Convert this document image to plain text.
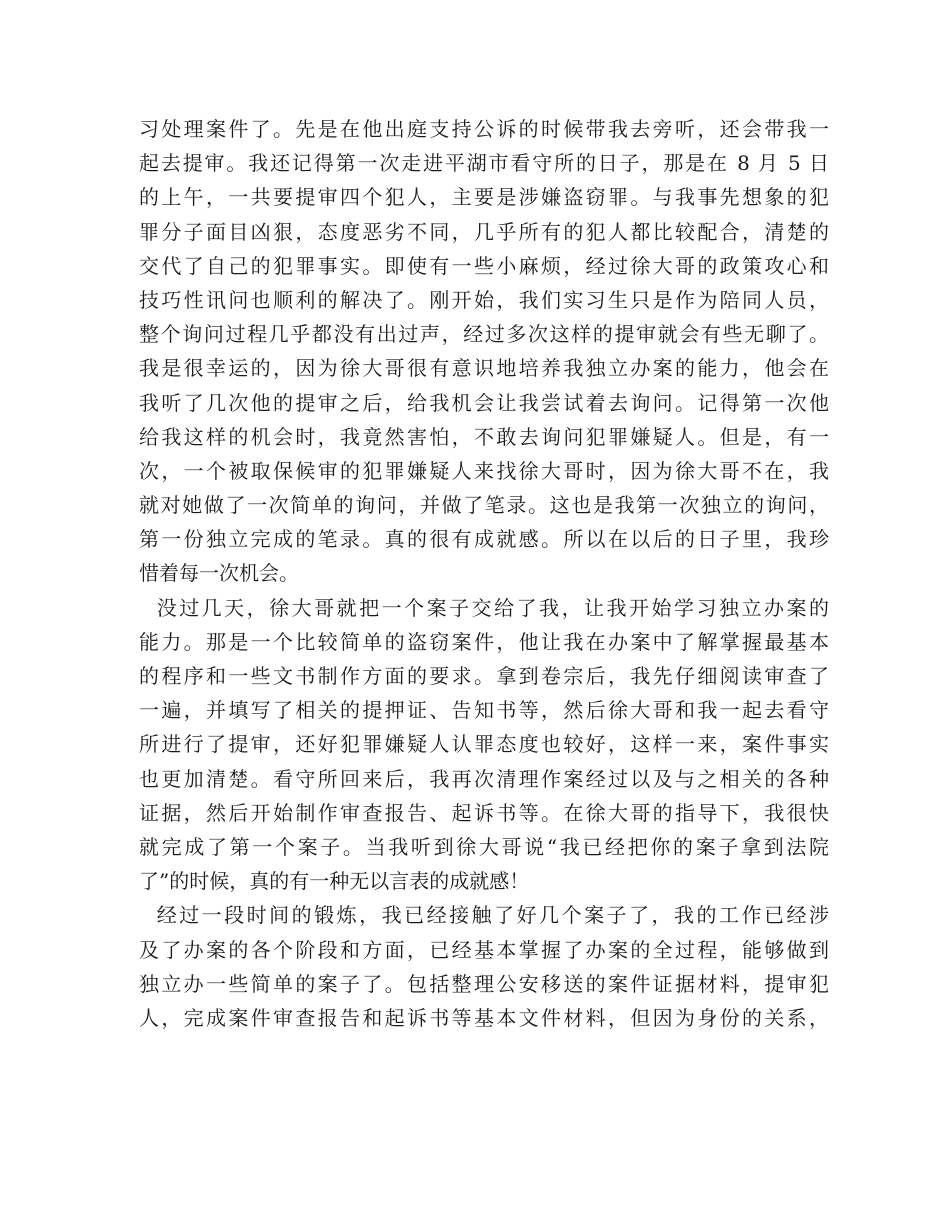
习处理案件了。先是在他出庭支持公诉的时候带我去旁听，还会带我一
起去提审。我还记得第一次走进平湖市看守所的日子，那是在 8 月 5 日
的上午，一共要提审四个犯人，主要是涉嫌盗窃罪。与我事先想象的犯
罪分子面目凶狠，态度恶劣不同，几乎所有的犯人都比较配合，清楚的
交代了自己的犯罪事实。即使有一些小麻烦，经过徐大哥的政策攻心和
技巧性讯问也顺利的解决了。刚开始，我们实习生只是作为陪同人员，
整个询问过程几乎都没有出过声，经过多次这样的提审就会有些无聊了。
我是很幸运的，因为徐大哥很有意识地培养我独立办案的能力，他会在
我听了几次他的提审之后，给我机会让我尝试着去询问。记得第一次他
给我这样的机会时，我竟然害怕，不敢去询问犯罪嫌疑人。但是，有一
次，一个被取保候审的犯罪嫌疑人来找徐大哥时，因为徐大哥不在，我
就对她做了一次简单的询问，并做了笔录。这也是我第一次独立的询问，
第一份独立完成的笔录。真的很有成就感。所以在以后的日子里，我珍
惜着每一次机会。
没过几天，徐大哥就把一个案子交给了我，让我开始学习独立办案的
能力。那是一个比较简单的盗窃案件，他让我在办案中了解掌握最基本
的程序和一些文书制作方面的要求。拿到卷宗后，我先仔细阅读审查了
一遍，并填写了相关的提押证、告知书等，然后徐大哥和我一起去看守
所进行了提审，还好犯罪嫌疑人认罪态度也较好，这样一来，案件事实
也更加清楚。看守所回来后，我再次清理作案经过以及与之相关的各种
证据，然后开始制作审查报告、起诉书等。在徐大哥的指导下，我很快
就完成了第一个案子。当我听到徐大哥说“我已经把你的案子拿到法院
了”的时候，真的有一种无以言表的成就感！
经过一段时间的锻炼，我已经接触了好几个案子了，我的工作已经涉
及了办案的各个阶段和方面，已经基本掌握了办案的全过程，能够做到
独立办一些简单的案子了。包括整理公安移送的案件证据材料，提审犯
人，完成案件审查报告和起诉书等基本文件材料，但因为身份的关系，
